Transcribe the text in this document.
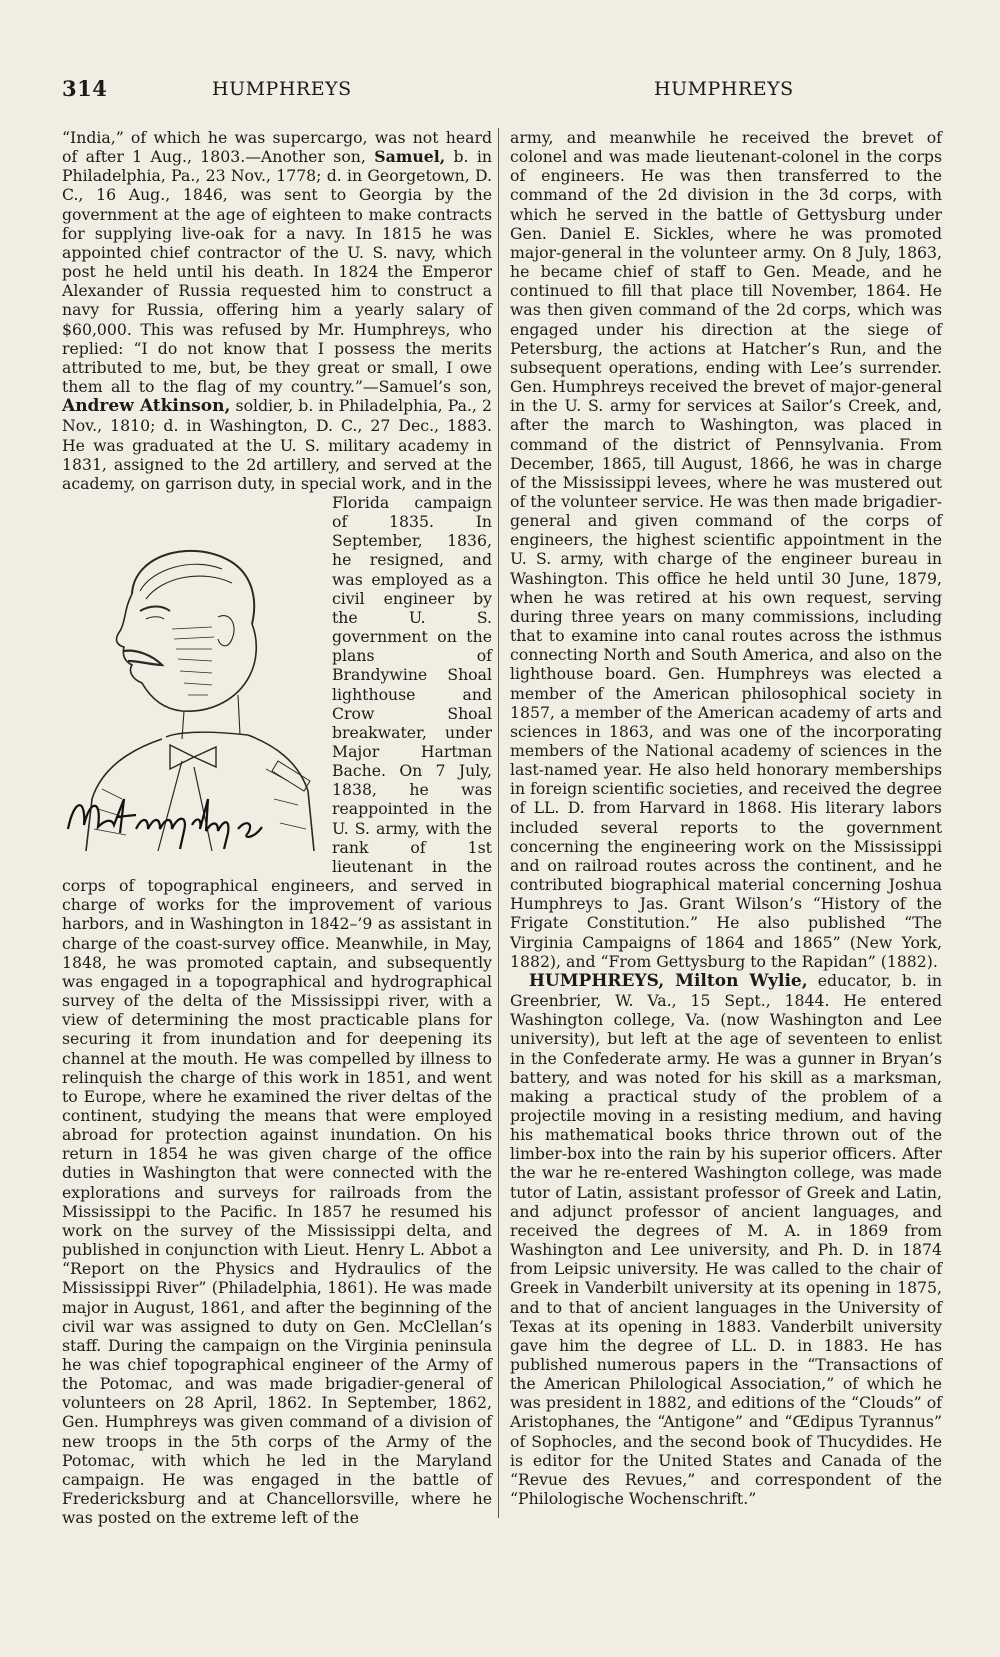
314	HUMPHREYS	HUMPHREYS

“India,” of which he was supercargo, was not heard of after 1 Aug., 1803.—Another son, Samuel, b. in Philadelphia, Pa., 23 Nov., 1778; d. in Georgetown, D. C., 16 Aug., 1846, was sent to Georgia by the government at the age of eighteen to make contracts for supplying live-oak for a navy. In 1815 he was appointed chief contractor of the U. S. navy, which post he held until his death. In 1824 the Emperor Alexander of Russia requested him to construct a navy for Russia, offering him a yearly salary of $60,000. This was refused by Mr. Humphreys, who replied: “I do not know that I possess the merits attributed to me, but, be they great or small, I owe them all to the flag of my country.”—Samuel’s son, Andrew Atkinson, soldier, b. in Philadelphia, Pa., 2 Nov., 1810; d. in Washington, D. C., 27 Dec., 1883. He was graduated at the U. S. military academy in 1831, assigned to the 2d artillery, and served at the academy, on garrison duty, in special work,
and in the Florida campaign of 1835. In September, 1836, he resigned, and was employed as a civil engineer by the U. S. government on the plans of Brandywine Shoal lighthouse and Crow Shoal breakwater, under Major Hartman Bache. On 7 July, 1838, he was reappointed in the U. S. army, with the rank of 1st lieutenant in the corps of topographical engineers, and served in charge of works for the improvement of various harbors, and in Washington in 1842–’9 as assistant in charge of the coast-survey office. Meanwhile, in May, 1848, he was promoted captain, and subsequently was engaged in a topographical and hydrographical survey of the delta of the Mississippi river, with a view of determining the most practicable plans for securing it from inundation and for deepening its channel at the mouth. He was compelled by illness to relinquish the charge of this work in 1851, and went to Europe, where he examined the river deltas of the continent, studying the means that were employed abroad for protection against inundation. On his return in 1854 he was given charge of the office duties in Washington that were connected with the explorations and surveys for railroads from the Mississippi to the Pacific. In 1857 he resumed his work on the survey of the Mississippi delta, and published in conjunction with Lieut. Henry L. Abbot a “Report on the Physics and Hydraulics of the Mississippi River” (Philadelphia, 1861). He was made major in August, 1861, and after the beginning of the civil war was assigned to duty on Gen. McClellan’s staff. During the campaign on the Virginia peninsula he was chief topographical engineer of the Army of the Potomac, and was made brigadier-general of volunteers on 28 April, 1862. In September, 1862, Gen. Humphreys was given command of a division of new troops in the 5th corps of the Army of the Potomac, with which he led in the Maryland campaign. He was engaged in the battle of Fredericksburg and at Chancellorsville, where he was posted on the extreme left of the

army, and meanwhile he received the brevet of colonel and was made lieutenant-colonel in the corps of engineers. He was then transferred to the command of the 2d division in the 3d corps, with which he served in the battle of Gettysburg under Gen. Daniel E. Sickles, where he was promoted major-general in the volunteer army. On 8 July, 1863, he became chief of staff to Gen. Meade, and he continued to fill that place till November, 1864. He was then given command of the 2d corps, which was engaged under his direction at the siege of Petersburg, the actions at Hatcher’s Run, and the subsequent operations, ending with Lee’s surrender. Gen. Humphreys received the brevet of major-general in the U. S. army for services at Sailor’s Creek, and, after the march to Washington, was placed in command of the district of Pennsylvania. From December, 1865, till August, 1866, he was in charge of the Mississippi levees, where he was mustered out of the volunteer service. He was then made brigadier-general and given command of the corps of engineers, the highest scientific appointment in the U. S. army, with charge of the engineer bureau in Washington. This office he held until 30 June, 1879, when he was retired at his own request, serving during three years on many commissions, including that to examine into canal routes across the isthmus connecting North and South America, and also on the lighthouse board. Gen. Humphreys was elected a member of the American philosophical society in 1857, a member of the American academy of arts and sciences in 1863, and was one of the incorporating members of the National academy of sciences in the last-named year. He also held honorary memberships in foreign scientific societies, and received the degree of LL. D. from Harvard in 1868. His literary labors included several reports to the government concerning the engineering work on the Mississippi and on railroad routes across the continent, and he contributed biographical material concerning Joshua Humphreys to Jas. Grant Wilson’s “History of the Frigate Constitution.” He also published “The Virginia Campaigns of 1864 and 1865” (New York, 1882), and “From Gettysburg to the Rapidan” (1882).

HUMPHREYS, Milton Wylie, educator, b. in Greenbrier, W. Va., 15 Sept., 1844. He entered Washington college, Va. (now Washington and Lee university), but left at the age of seventeen to enlist in the Confederate army. He was a gunner in Bryan’s battery, and was noted for his skill as a marksman, making a practical study of the problem of a projectile moving in a resisting medium, and having his mathematical books thrice thrown out of the limber-box into the rain by his superior officers. After the war he re-entered Washington college, was made tutor of Latin, assistant professor of Greek and Latin, and adjunct professor of ancient languages, and received the degrees of M. A. in 1869 from Washington and Lee university, and Ph. D. in 1874 from Leipsic university. He was called to the chair of Greek in Vanderbilt university at its opening in 1875, and to that of ancient languages in the University of Texas at its opening in 1883. Vanderbilt university gave him the degree of LL. D. in 1883. He has published numerous papers in the “Transactions of the American Philological Association,” of which he was president in 1882, and editions of the “Clouds” of Aristophanes, the “Antigone” and “Œdipus Tyrannus” of Sophocles, and the second book of Thucydides. He is editor for the United States and Canada of the “Revue des Revues,” and correspondent of the “Philologische Wochenschrift.”
